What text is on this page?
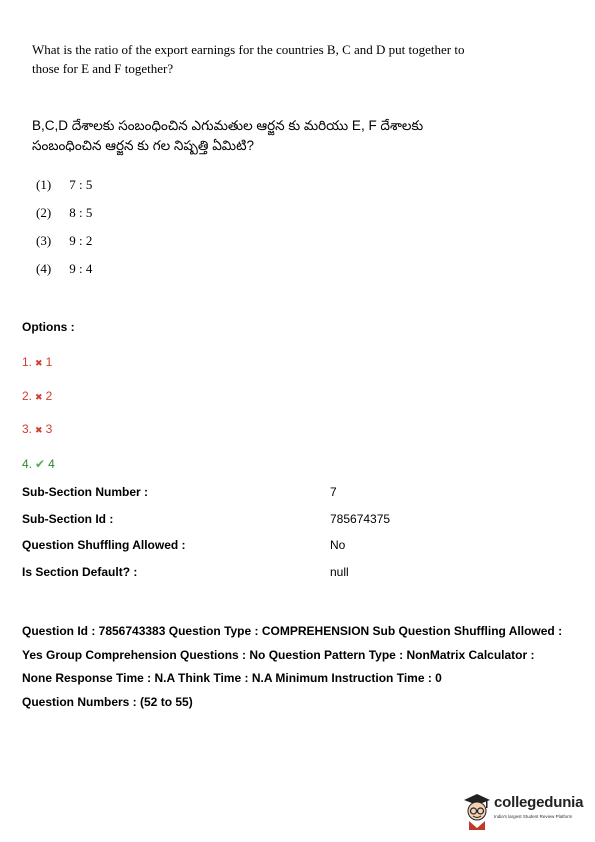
What is the ratio of the export earnings for the countries B, C and D put together to those for E and F together?
B,C,D దేశాలకు సంబంధించిన ఎగుమతుల ఆర్జన కు మరియు E, F దేశాలకు సంబంధించిన ఆర్జన కు గల నిష్పత్తి ఏమిటి?
(1) 7 : 5
(2) 8 : 5
(3) 9 : 2
(4) 9 : 4
Options :
1. ✖ 1
2. ✖ 2
3. ✖ 3
4. ✔ 4
Sub-Section Number :	7
Sub-Section Id :	785674375
Question Shuffling Allowed :	No
Is Section Default? :	null
Question Id : 7856743383 Question Type : COMPREHENSION Sub Question Shuffling Allowed :
Yes Group Comprehension Questions : No Question Pattern Type : NonMatrix Calculator :
None Response Time : N.A Think Time : N.A Minimum Instruction Time : 0
Question Numbers : (52 to 55)
collegedunia
India's largest Student Review Platform
